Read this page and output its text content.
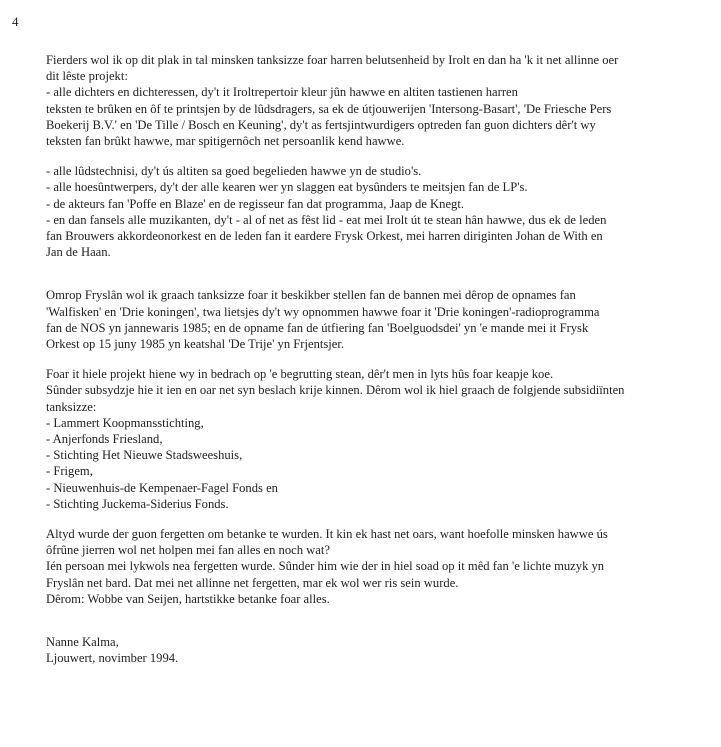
4
Fierders wol ik op dit plak in tal minsken tanksizze foar harren belutsenheid by Irolt en dan ha 'k it net allinne oer
dit lêste projekt:
- alle dichters en dichteressen, dy't it Iroltrepertoir kleur jûn hawwe en altiten tastienen harren
teksten te brûken en ôf te printsjen by de lûdsdragers, sa ek de útjouwerijen 'Intersong-Basart', 'De Friesche Pers
Boekerij B.V.' en 'De Tille / Bosch en Keuning', dy't as fertsjintwurdigers optreden fan guon dichters dêr't wy
teksten fan brûkt hawwe, mar spitigernôch net persoanlik kend hawwe.
- alle lûdstechnisi, dy't ús altiten sa goed begelieden hawwe yn de studio's.
- alle hoesûntwerpers, dy't der alle kearen wer yn slaggen eat bysûnders te meitsjen fan de LP's.
- de akteurs fan 'Poffe en Blaze' en de regisseur fan dat programma, Jaap de Knegt.
- en dan fansels alle muzikanten, dy't - al of net as fêst lid - eat mei Irolt út te stean hân hawwe, dus ek de leden
fan Brouwers akkordeonorkest en de leden fan it eardere Frysk Orkest, mei harren diriginten Johan de With en
Jan de Haan.
Omrop Fryslân wol ik graach tanksizze foar it beskikber stellen fan de bannen mei dêrop de opnames fan
'Walfisken' en 'Drie koningen', twa lietsjes dy't wy opnommen hawwe foar it 'Drie koningen'-radioprogramma
fan de NOS yn jannewaris 1985; en de opname fan de útfiering fan 'Boelguodsdei' yn 'e mande mei it Frysk
Orkest op 15 juny 1985 yn keatshal 'De Trije' yn Frjentsjer.
Foar it hiele projekt hiene wy in bedrach op 'e begrutting stean, dêr't men in lyts hûs foar keapje koe.
Sûnder subsydzje hie it ien en oar net syn beslach krije kinnen. Dêrom wol ik hiel graach de folgjende subsidiïnten
tanksizze:
- Lammert Koopmansstichting,
- Anjerfonds Friesland,
- Stichting Het Nieuwe Stadsweeshuis,
- Frigem,
- Nieuwenhuis-de Kempenaer-Fagel Fonds en
- Stichting Juckema-Siderius Fonds.
Altyd wurde der guon fergetten om betanke te wurden. It kin ek hast net oars, want hoefolle minsken hawwe ús
ôfrûne jierren wol net holpen mei fan alles en noch wat?
Ién persoan mei lykwols nea fergetten wurde. Sûnder him wie der in hiel soad op it mêd fan 'e lichte muzyk yn
Fryslân net bard. Dat mei net allinne net fergetten, mar ek wol wer ris sein wurde.
Dêrom: Wobbe van Seijen, hartstikke betanke foar alles.
Nanne Kalma,
Ljouwert, novimber 1994.
